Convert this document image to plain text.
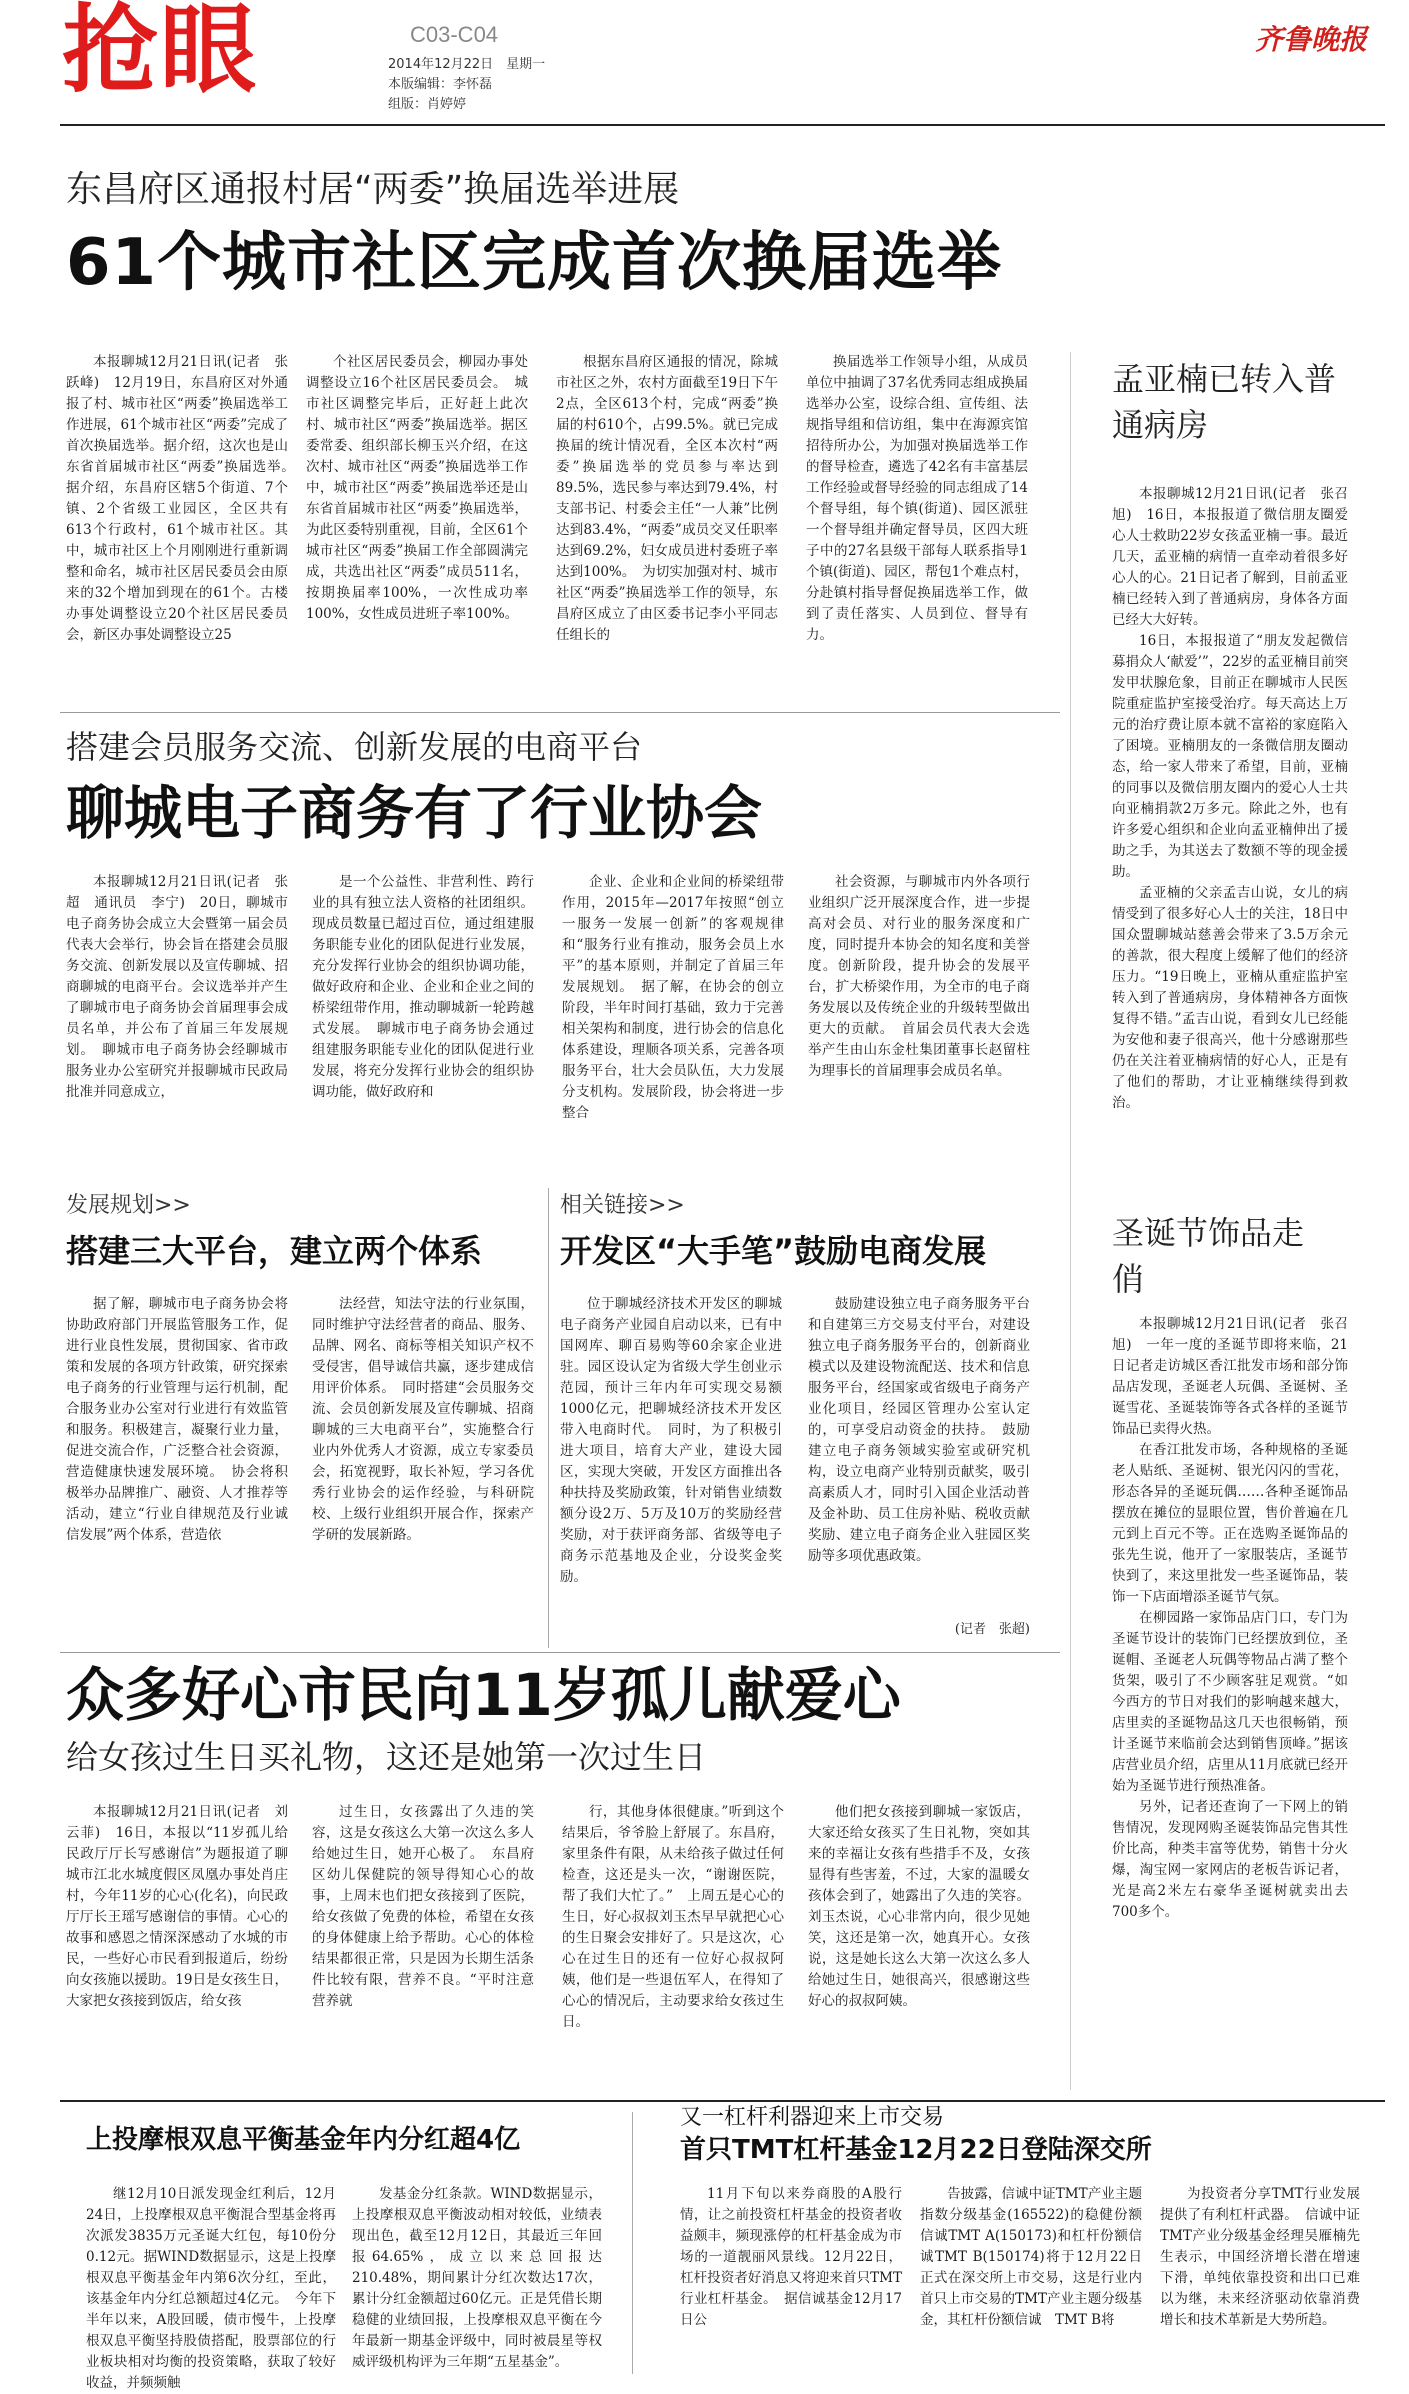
抢眼	C03-C04
2014年12月22日　星期一
本版编辑：李怀磊
组版：肖婷婷
齐鲁晚报
东昌府区通报村居“两委”换届选举进展
61个城市社区完成首次换届选举

本报聊城12月21日讯(记者　张跃峰)　12月19日，东昌府区对外通报了村、城市社区“两委”换届选举工作进展，61个城市社区“两委”完成了首次换届选举。据介绍，这次也是山东省首届城市社区“两委”换届选举。　据介绍，东昌府区辖5个街道、7个镇、2个省级工业园区，全区共有613个行政村，61个城市社区。其中，城市社区上个月刚刚进行重新调整和命名，城市社区居民委员会由原来的32个增加到现在的61个。古楼办事处调整设立20个社区居民委员会，新区办事处调整设立25

个社区居民委员会，柳园办事处调整设立16个社区居民委员会。　城市社区调整完毕后，正好赶上此次村、城市社区“两委”换届选举。据区委常委、组织部长柳玉兴介绍，在这次村、城市社区“两委”换届选举工作中，城市社区“两委”换届选举还是山东省首届城市社区“两委”换届选举，为此区委特别重视，目前，全区61个城市社区“两委”换届工作全部圆满完成，共选出社区“两委”成员511名，按期换届率100%，一次性成功率100%，女性成员进班子率100%。

根据东昌府区通报的情况，除城市社区之外，农村方面截至19日下午2点，全区613个村，完成“两委”换届的村610个，占99.5%。就已完成换届的统计情况看，全区本次村“两委”换届选举的党员参与率达到89.5%，选民参与率达到79.4%，村支部书记、村委会主任“一人兼”比例达到83.4%，“两委”成员交叉任职率达到69.2%，妇女成员进村委班子率达到100%。　为切实加强对村、城市社区“两委”换届选举工作的领导，东昌府区成立了由区委书记李小平同志任组长的

换届选举工作领导小组，从成员单位中抽调了37名优秀同志组成换届选举办公室，设综合组、宣传组、法规指导组和信访组，集中在海源宾馆招待所办公，为加强对换届选举工作的督导检查，遴选了42名有丰富基层工作经验或督导经验的同志组成了14个督导组，每个镇(街道)、园区派驻一个督导组并确定督导员，区四大班子中的27名县级干部每人联系指导1个镇(街道)、园区，帮包1个难点村，分赴镇村指导督促换届选举工作，做到了责任落实、人员到位、督导有力。

搭建会员服务交流、创新发展的电商平台
聊城电子商务有了行业协会

本报聊城12月21日讯(记者　张超　通讯员　李宁)　20日，聊城市电子商务协会成立大会暨第一届会员代表大会举行，协会旨在搭建会员服务交流、创新发展以及宣传聊城、招商聊城的电商平台。会议选举并产生了聊城市电子商务协会首届理事会成员名单，并公布了首届三年发展规划。　聊城市电子商务协会经聊城市服务业办公室研究并报聊城市民政局批准并同意成立，

是一个公益性、非营利性、跨行业的具有独立法人资格的社团组织。现成员数量已超过百位，通过组建服务职能专业化的团队促进行业发展，充分发挥行业协会的组织协调功能，做好政府和企业、企业和企业之间的桥梁纽带作用，推动聊城新一轮跨越式发展。　聊城市电子商务协会通过组建服务职能专业化的团队促进行业发展，将充分发挥行业协会的组织协调功能，做好政府和

企业、企业和企业间的桥梁纽带作用，2015年—2017年按照“创立一服务一发展一创新”的客观规律和“服务行业有推动，服务会员上水平”的基本原则，并制定了首届三年发展规划。　据了解，在协会的创立阶段，半年时间打基础，致力于完善相关架构和制度，进行协会的信息化体系建设，理顺各项关系，完善各项服务平台，壮大会员队伍，大力发展分支机构。发展阶段，协会将进一步整合

社会资源，与聊城市内外各项行业组织广泛开展深度合作，进一步提高对会员、对行业的服务深度和广度，同时提升本协会的知名度和美誉度。创新阶段，提升协会的发展平台，扩大桥梁作用，为全市的电子商务发展以及传统企业的升级转型做出更大的贡献。　首届会员代表大会选举产生由山东金杜集团董事长赵留柱为理事长的首届理事会成员名单。

发展规划>>
搭建三大平台，建立两个体系

据了解，聊城市电子商务协会将协助政府部门开展监管服务工作，促进行业良性发展，贯彻国家、省市政策和发展的各项方针政策，研究探索电子商务的行业管理与运行机制，配合服务业办公室对行业进行有效监管和服务。积极建言，凝聚行业力量，促进交流合作，广泛整合社会资源，营造健康快速发展环境。　协会将积极举办品牌推广、融资、人才推荐等活动，建立“行业自律规范及行业诚信发展”两个体系，营造依

法经营，知法守法的行业氛围，同时维护守法经营者的商品、服务、品牌、网名、商标等相关知识产权不受侵害，倡导诚信共赢，逐步建成信用评价体系。　同时搭建“会员服务交流、会员创新发展及宣传聊城、招商聊城的三大电商平台”，实施整合行业内外优秀人才资源，成立专家委员会，拓宽视野，取长补短，学习各优秀行业协会的运作经验，与科研院校、上级行业组织开展合作，探索产学研的发展新路。

相关链接>>
开发区“大手笔”鼓励电商发展

位于聊城经济技术开发区的聊城电子商务产业园自启动以来，已有中国网库、聊百易购等60余家企业进驻。园区设认定为省级大学生创业示范园，预计三年内年可实现交易额1000亿元，把聊城经济技术开发区带入电商时代。　同时，为了积极引进大项目，培育大产业，建设大园区，实现大突破，开发区方面推出各种扶持及奖励政策，针对销售业绩数额分设2万、5万及10万的奖励经营奖励，对于获评商务部、省级等电子商务示范基地及企业，分设奖金奖励。

鼓励建设独立电子商务服务平台和自建第三方交易支付平台，对建设独立电子商务服务平台的，创新商业模式以及建设物流配送、技术和信息服务平台，经国家或省级电子商务产业化项目，经园区管理办公室认定的，可享受启动资金的扶持。　鼓励建立电子商务领域实验室或研究机构，设立电商产业特别贡献奖，吸引高素质人才，同时引入国企业活动普及金补助、员工住房补贴、税收贡献奖励、建立电子商务企业入驻园区奖励等多项优惠政策。

(记者　张超)
众多好心市民向11岁孤儿献爱心
给女孩过生日买礼物，这还是她第一次过生日

本报聊城12月21日讯(记者　刘云菲)　16日，本报以“11岁孤儿给民政厅厅长写感谢信”为题报道了聊城市江北水城度假区凤凰办事处肖庄村，今年11岁的心心(化名)，向民政厅厅长王瑶写感谢信的事情。心心的故事和感恩之情深深感动了水城的市民，一些好心市民看到报道后，纷纷向女孩施以援助。19日是女孩生日，大家把女孩接到饭店，给女孩

过生日，女孩露出了久违的笑容，这是女孩这么大第一次这么多人给她过生日，她开心极了。　东昌府区幼儿保健院的领导得知心心的故事，上周末也们把女孩接到了医院，给女孩做了免费的体检，希望在女孩的身体健康上给予帮助。心心的体检结果都很正常，只是因为长期生活条件比较有限，营养不良。“平时注意营养就

行，其他身体很健康。”听到这个结果后，爷爷脸上舒展了。东昌府，家里条件有限，从未给孩子做过任何检查，这还是头一次，“谢谢医院，帮了我们大忙了。”　上周五是心心的生日，好心叔叔刘玉杰早早就把心心的生日聚会安排好了。只是这次，心心在过生日的还有一位好心叔叔阿姨，他们是一些退伍军人，在得知了心心的情况后，主动要求给女孩过生日。

他们把女孩接到聊城一家饭店，大家还给女孩买了生日礼物，突如其来的幸福让女孩有些措手不及，女孩显得有些害羞，不过，大家的温暖女孩体会到了，她露出了久违的笑容。刘玉杰说，心心非常内向，很少见她笑，这还是第一次，她真开心。女孩说，这是她长这么大第一次这么多人给她过生日，她很高兴，很感谢这些好心的叔叔阿姨。

孟亚楠已转入普通病房

本报聊城12月21日讯(记者　张召旭)　16日，本报报道了微信朋友圈爱心人士救助22岁女孩孟亚楠一事。最近几天，孟亚楠的病情一直牵动着很多好心人的心。21日记者了解到，目前孟亚楠已经转入到了普通病房，身体各方面已经大大好转。

16日，本报报道了“朋友发起微信募捐众人‘献爱’”，22岁的孟亚楠目前突发甲状腺危象，目前正在聊城市人民医院重症监护室接受治疗。每天高达上万元的治疗费让原本就不富裕的家庭陷入了困境。亚楠朋友的一条微信朋友圈动态，给一家人带来了希望，目前，亚楠的同事以及微信朋友圈内的爱心人士共向亚楠捐款2万多元。除此之外，也有许多爱心组织和企业向孟亚楠伸出了援助之手，为其送去了数额不等的现金援助。

孟亚楠的父亲孟吉山说，女儿的病情受到了很多好心人士的关注，18日中国众盟聊城站慈善会带来了3.5万余元的善款，很大程度上缓解了他们的经济压力。“19日晚上，亚楠从重症监护室转入到了普通病房，身体精神各方面恢复得不错。”孟吉山说，看到女儿已经能为安他和妻子很高兴，他十分感谢那些仍在关注着亚楠病情的好心人，正是有了他们的帮助，才让亚楠继续得到救治。

圣诞节饰品走俏

本报聊城12月21日讯(记者　张召旭)　一年一度的圣诞节即将来临，21日记者走访城区香江批发市场和部分饰品店发现，圣诞老人玩偶、圣诞树、圣诞雪花、圣诞装饰等各式各样的圣诞节饰品已卖得火热。

在香江批发市场，各种规格的圣诞老人贴纸、圣诞树、银光闪闪的雪花，形态各异的圣诞玩偶……各种圣诞饰品摆放在摊位的显眼位置，售价普遍在几元到上百元不等。正在选购圣诞饰品的张先生说，他开了一家服装店，圣诞节快到了，来这里批发一些圣诞饰品，装饰一下店面增添圣诞节气氛。

在柳园路一家饰品店门口，专门为圣诞节设计的装饰门已经摆放到位，圣诞帽、圣诞老人玩偶等物品占满了整个货架，吸引了不少顾客驻足观赏。“如今西方的节日对我们的影响越来越大，店里卖的圣诞物品这几天也很畅销，预计圣诞节来临前会达到销售顶峰。”据该店营业员介绍，店里从11月底就已经开始为圣诞节进行预热准备。

另外，记者还查询了一下网上的销售情况，发现网购圣诞装饰品完售其性价比高，种类丰富等优势，销售十分火爆，淘宝网一家网店的老板告诉记者，光是高2米左右豪华圣诞树就卖出去700多个。

上投摩根双息平衡基金年内分红超4亿

继12月10日派发现金红利后，12月24日，上投摩根双息平衡混合型基金将再次派发3835万元圣诞大红包，每10份分0.12元。据WIND数据显示，这是上投摩根双息平衡基金年内第6次分红，至此，该基金年内分红总额超过4亿元。　今年下半年以来，A股回暖，债市慢牛，上投摩根双息平衡坚持股债搭配，股票部位的行业板块相对均衡的投资策略，获取了较好收益，并频频触

发基金分红条款。WIND数据显示，上投摩根双息平衡波动相对较低，业绩表现出色，截至12月12日，其最近三年回报64.65%，成立以来总回报达210.48%，期间累计分红次数达17次，累计分红金额超过60亿元。正是凭借长期稳健的业绩回报，上投摩根双息平衡在今年最新一期基金评级中，同时被晨星等权威评级机构评为三年期“五星基金”。

又一杠杆利器迎来上市交易
首只TMT杠杆基金12月22日登陆深交所

11月下旬以来券商股的A股行情，让之前投资杠杆基金的投资者收益颇丰，频现涨停的杠杆基金成为市场的一道靓丽风景线。12月22日，杠杆投资者好消息又将迎来首只TMT行业杠杆基金。　据信诚基金12月17日公

告披露，信诚中证TMT产业主题指数分级基金(165522)的稳健份额信诚TMT A(150173)和杠杆份额信诚TMT B(150174)将于12月22日正式在深交所上市交易，这是行业内首只上市交易的TMT产业主题分级基金，其杠杆份额信诚　TMT B将

为投资者分享TMT行业发展提供了有利杠杆武器。　信诚中证TMT产业分级基金经理吴雁楠先生表示，中国经济增长潜在增速下滑，单纯依靠投资和出口已难以为继，未来经济驱动依靠消费增长和技术革新是大势所趋。
